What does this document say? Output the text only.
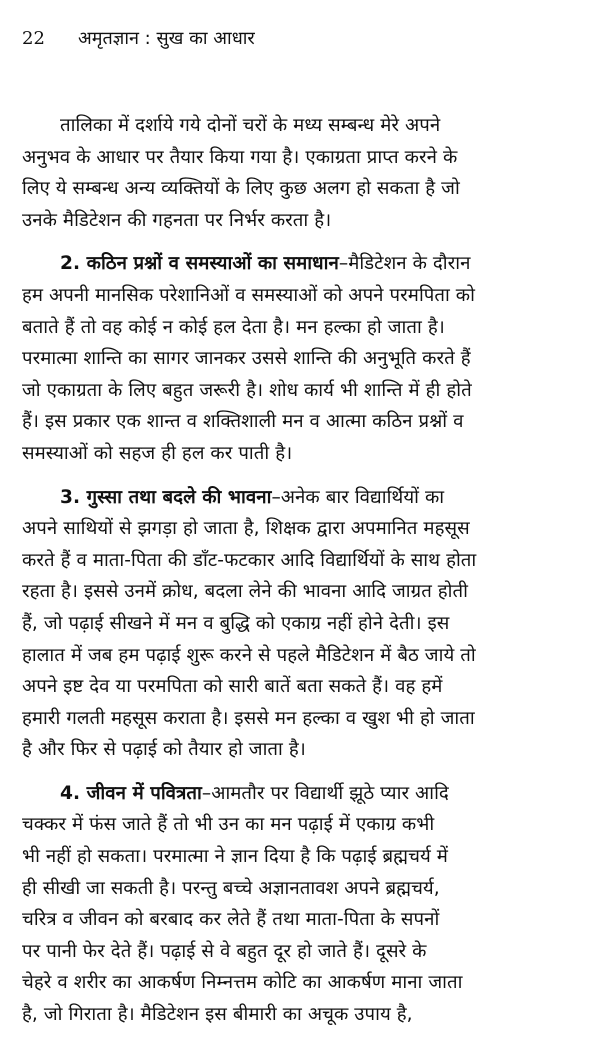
22 अमृतज्ञान : सुख का आधार
तालिका में दर्शाये गये दोनों चरों के मध्य सम्बन्ध मेरे अपने
अनुभव के आधार पर तैयार किया गया है। एकाग्रता प्राप्त करने के
लिए ये सम्बन्ध अन्य व्यक्तियों के लिए कुछ अलग हो सकता है जो
उनके मैडिटेशन की गहनता पर निर्भर करता है।
2. कठिन प्रश्नों व समस्याओं का समाधान–मैडिटेशन के दौरान
हम अपनी मानसिक परेशानिओं व समस्याओं को अपने परमपिता को
बताते हैं तो वह कोई न कोई हल देता है। मन हल्का हो जाता है।
परमात्मा शान्ति का सागर जानकर उससे शान्ति की अनुभूति करते हैं
जो एकाग्रता के लिए बहुत जरूरी है। शोध कार्य भी शान्ति में ही होते
हैं। इस प्रकार एक शान्त व शक्तिशाली मन व आत्मा कठिन प्रश्नों व
समस्याओं को सहज ही हल कर पाती है।
3. गुस्सा तथा बदले की भावना–अनेक बार विद्यार्थियों का
अपने साथियों से झगड़ा हो जाता है, शिक्षक द्वारा अपमानित महसूस
करते हैं व माता-पिता की डाँट-फटकार आदि विद्यार्थियों के साथ होता
रहता है। इससे उनमें क्रोध, बदला लेने की भावना आदि जाग्रत होती
हैं, जो पढ़ाई सीखने में मन व बुद्धि को एकाग्र नहीं होने देती। इस
हालात में जब हम पढ़ाई शुरू करने से पहले मैडिटेशन में बैठ जाये तो
अपने इष्ट देव या परमपिता को सारी बातें बता सकते हैं। वह हमें
हमारी गलती महसूस कराता है। इससे मन हल्का व खुश भी हो जाता
है और फिर से पढ़ाई को तैयार हो जाता है।
4. जीवन में पवित्रता–आमतौर पर विद्यार्थी झूठे प्यार आदि
चक्कर में फंस जाते हैं तो भी उन का मन पढ़ाई में एकाग्र कभी
भी नहीं हो सकता। परमात्मा ने ज्ञान दिया है कि पढ़ाई ब्रह्मचर्य में
ही सीखी जा सकती है। परन्तु बच्चे अज्ञानतावश अपने ब्रह्मचर्य,
चरित्र व जीवन को बरबाद कर लेते हैं तथा माता-पिता के सपनों
पर पानी फेर देते हैं। पढ़ाई से वे बहुत दूर हो जाते हैं। दूसरे के
चेहरे व शरीर का आकर्षण निम्नत्तम कोटि का आकर्षण माना जाता
है, जो गिराता है। मैडिटेशन इस बीमारी का अचूक उपाय है,
